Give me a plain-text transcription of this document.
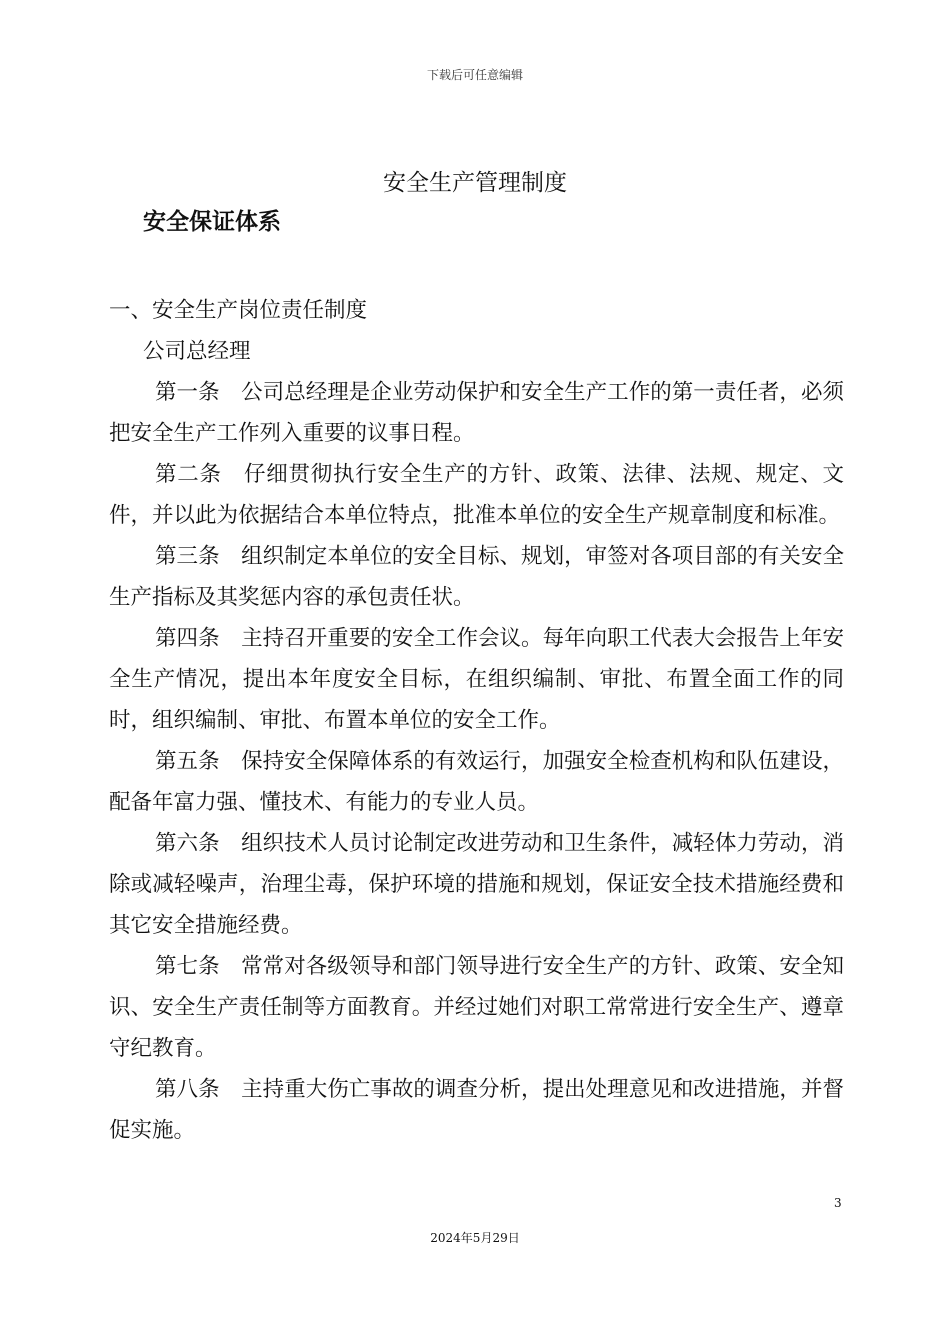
下载后可任意编辑
安全生产管理制度
安全保证体系

一、安全生产岗位责任制度

公司总经理

第一条　公司总经理是企业劳动保护和安全生产工作的第一责任者，必须把安全生产工作列入重要的议事日程。

第二条　仔细贯彻执行安全生产的方针、政策、法律、法规、规定、文件，并以此为依据结合本单位特点，批准本单位的安全生产规章制度和标准。

第三条　组织制定本单位的安全目标、规划，审签对各项目部的有关安全生产指标及其奖惩内容的承包责任状。

第四条　主持召开重要的安全工作会议。每年向职工代表大会报告上年安全生产情况，提出本年度安全目标，在组织编制、审批、布置全面工作的同时，组织编制、审批、布置本单位的安全工作。

第五条　保持安全保障体系的有效运行，加强安全检查机构和队伍建设，配备年富力强、懂技术、有能力的专业人员。

第六条　组织技术人员讨论制定改进劳动和卫生条件，减轻体力劳动，消除或减轻噪声，治理尘毒，保护环境的措施和规划，保证安全技术措施经费和其它安全措施经费。

第七条　常常对各级领导和部门领导进行安全生产的方针、政策、安全知识、安全生产责任制等方面教育。并经过她们对职工常常进行安全生产、遵章守纪教育。

第八条　主持重大伤亡事故的调查分析，提出处理意见和改进措施，并督促实施。

3
2024年5月29日
